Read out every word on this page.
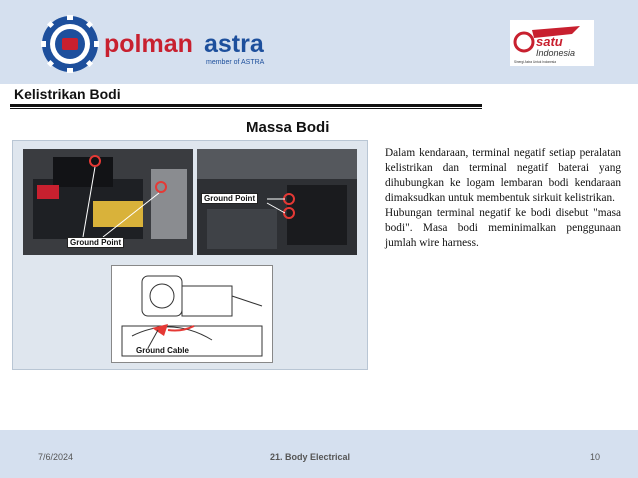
polman astra
member of ASTRA
satu
Indonesia
Sinergi Astra Untuk Indonesia
Kelistrikan Bodi
Massa Bodi
Ground Point
Ground Point
Ground Cable

Dalam kendaraan, terminal negatif setiap peralatan kelistrikan dan terminal negatif baterai yang dihubungkan ke logam lembaran bodi kendaraan dimaksudkan untuk membentuk sirkuit kelistrikan.

Hubungan terminal negatif ke bodi disebut "masa bodi". Masa bodi meminimalkan penggunaan jumlah wire harness.

7/6/2024	21. Body Electrical	10
